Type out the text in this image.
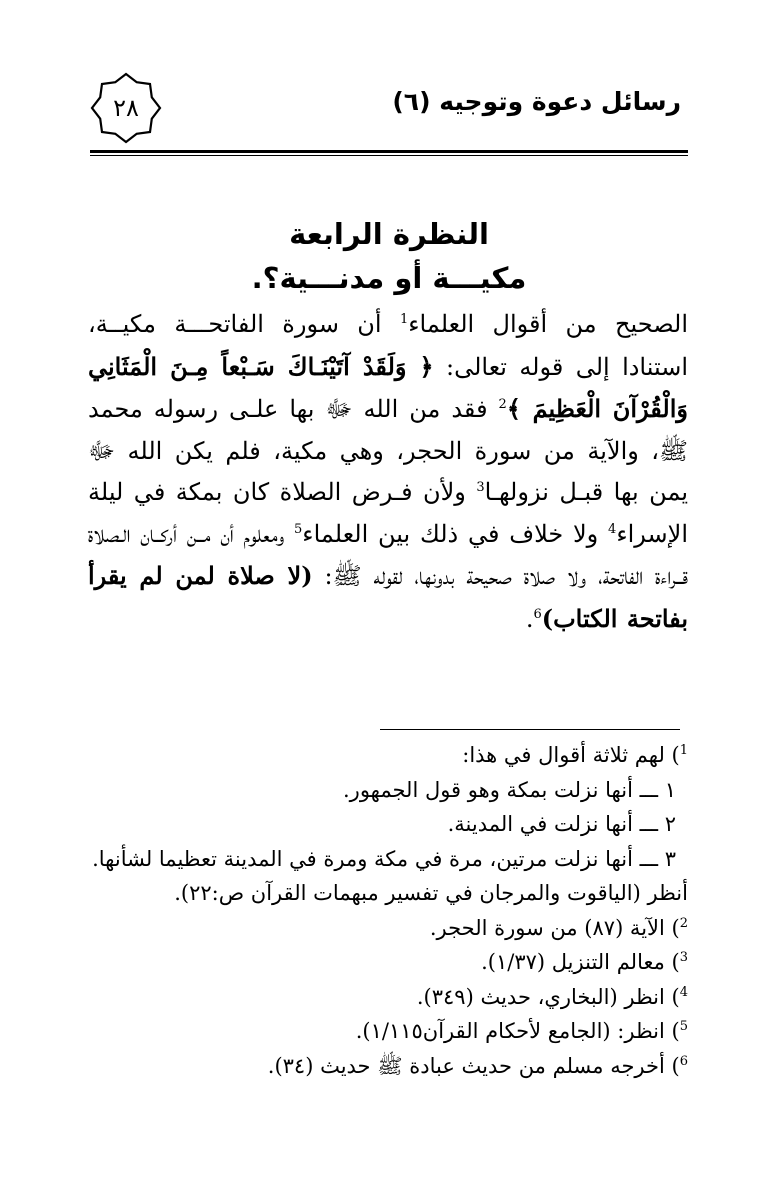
رسائل دعوة وتوجيه (٦)
٢٨
النظرة الرابعة
مكيـــة أو مدنـــية؟.
الصحيح من أقوال العلماء$^1$ أن سورة الفاتحـــة مكيــة، استنادا إلى قوله تعالى: ﴿ وَلَقَدْ آتَيْنَـاكَ سَـبْعاً مِـنَ الْمَثَانِي وَالْقُرْآنَ الْعَظِيمَ ﴾$^2$ فقد من الله ﷻ بها علـى رسوله محمد ﷺ، والآية من سورة الحجر، وهي مكية، فلم يكن الله ﷻ يمن بها قبـل نزولهـا$^3$ ولأن فـرض الصلاة كان بمكة في ليلة الإسراء$^4$ ولا خلاف في ذلك بين العلماء$^5$ ومعلوم أن مــن أركــان الـصلاة قــراءة الفاتحة، ولا صلاة صحيحة بدونها، لقوله ﷺ: (لا صلاة لمن لم يقرأ بفاتحة الكتاب)$^6$.
$^1$) لهم ثلاثة أقوال في هذا:
١ ـــ أنها نزلت بمكة وهو قول الجمهور.
٢ ـــ أنها نزلت في المدينة.
٣ ـــ أنها نزلت مرتين، مرة في مكة ومرة في المدينة تعظيما لشأنها.
أنظر (الياقوت والمرجان في تفسير مبهمات القرآن ص:٢٢).
$^2$) الآية (٨٧) من سورة الحجر.
$^3$) معالم التنزيل (١/٣٧).
$^4$) انظر (البخاري، حديث (٣٤٩).
$^5$) انظر: (الجامع لأحكام القرآن١/١١٥).
$^6$) أخرجه مسلم من حديث عبادة ﷺ حديث (٣٤).
